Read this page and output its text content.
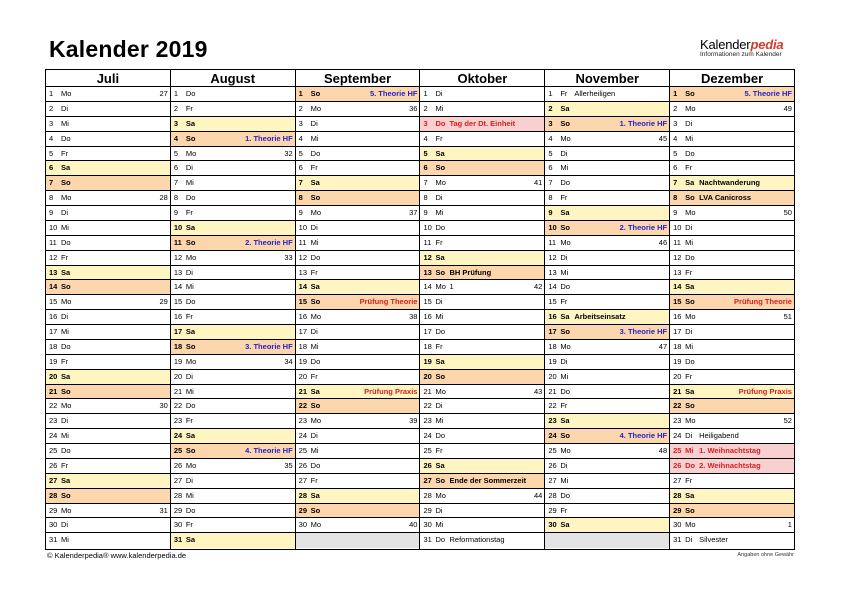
Kalender 2019	Kalenderpedia
Informationen zum Kalender
Juli
1 Mo	27
2 Di
3 Mi
4 Do
5 Fr
6 Sa
7 So
8 Mo	28
9 Di
10 Mi
11 Do
12 Fr
13 Sa
14 So
15 Mo	29
16 Di
17 Mi
18 Do
19 Fr
20 Sa
21 So
22 Mo	30
23 Di
24 Mi
25 Do
26 Fr
27 Sa
28 So
29 Mo	31
30 Di
31 Mi
August
1 Do
2 Fr
3 Sa
4 So	1. Theorie HF
5 Mo	32
6 Di
7 Mi
8 Do
9 Fr
10 Sa
11 So	2. Theorie HF
12 Mo	33
13 Di
14 Mi
15 Do
16 Fr
17 Sa
18 So	3. Theorie HF
19 Mo	34
20 Di
21 Mi
22 Do
23 Fr
24 Sa
25 So	4. Theorie HF
26 Mo	35
27 Di
28 Mi
29 Do
30 Fr
31 Sa
September
1 So	5. Theorie HF
2 Mo	36
3 Di
4 Mi
5 Do
6 Fr
7 Sa
8 So
9 Mo	37
10 Di
11 Mi
12 Do
13 Fr
14 Sa
15 So	Prüfung Theorie
16 Mo	38
17 Di
18 Mi
19 Do
20 Fr
21 Sa	Prüfung Praxis
22 So
23 Mo	39
24 Di
25 Mi
26 Do
27 Fr
28 Sa
29 So
30 Mo	40
Oktober
1 Di
2 Mi
3 Do Tag der Dt. Einheit
4 Fr
5 Sa
6 So
7 Mo	41
8 Di
9 Mi
10 Do
11 Fr
12 Sa
13 So BH Prüfung
14 Mo 1	42
15 Di
16 Mi
17 Do
18 Fr
19 Sa
20 So
21 Mo	43
22 Di
23 Mi
24 Do
25 Fr
26 Sa
27 So Ende der Sommerzeit
28 Mo	44
29 Di
30 Mi
31 Do Reformationstag
November
1 Fr Allerheiligen
2 Sa
3 So	1. Theorie HF
4 Mo	45
5 Di
6 Mi
7 Do
8 Fr
9 Sa
10 So	2. Theorie HF
11 Mo	46
12 Di
13 Mi
14 Do
15 Fr
16 Sa Arbeitseinsatz
17 So	3. Theorie HF
18 Mo	47
19 Di
20 Mi
21 Do
22 Fr
23 Sa
24 So	4. Theorie HF
25 Mo	48
26 Di
27 Mi
28 Do
29 Fr
30 Sa
Dezember
1 So	5. Theorie HF
2 Mo	49
3 Di
4 Mi
5 Do
6 Fr
7 Sa Nachtwanderung
8 So LVA Canicross
9 Mo	50
10 Di
11 Mi
12 Do
13 Fr
14 Sa
15 So	Prüfung Theorie
16 Mo	51
17 Di
18 Mi
19 Do
20 Fr
21 Sa	Prüfung Praxis
22 So
23 Mo	52
24 Di Heiligabend
25 Mi 1. Weihnachtstag
26 Do 2. Weihnachtstag
27 Fr
28 Sa
29 So
30 Mo	1
31 Di Silvester
© Kalenderpedia® www.kalenderpedia.de	Angaben ohne Gewähr
